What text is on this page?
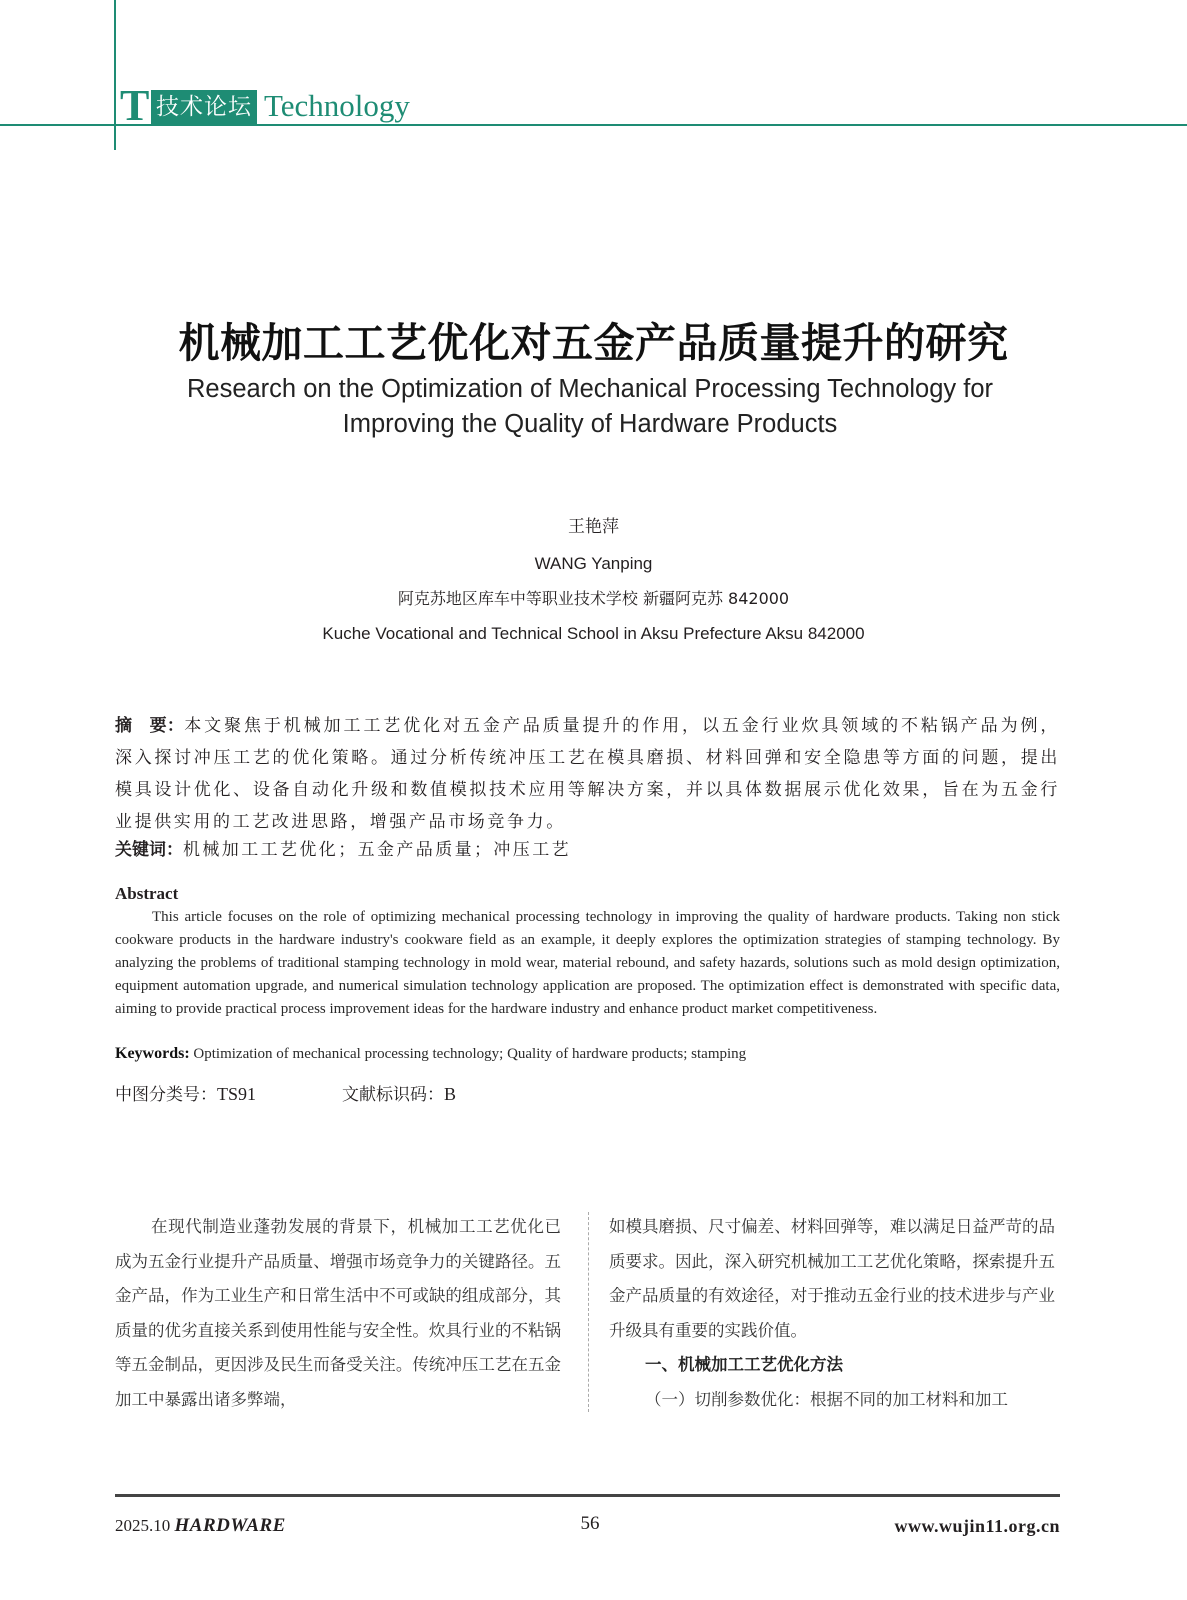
T 技术论坛 Technology
机械加工工艺优化对五金产品质量提升的研究
Research on the Optimization of Mechanical Processing Technology for
Improving the Quality of Hardware Products
王艳萍
WANG Yanping
阿克苏地区库车中等职业技术学校 新疆阿克苏 842000
Kuche Vocational and Technical School in Aksu Prefecture Aksu 842000
摘　要：本文聚焦于机械加工工艺优化对五金产品质量提升的作用，以五金行业炊具领域的不粘锅产品为例，深入探讨冲压工艺的优化策略。通过分析传统冲压工艺在模具磨损、材料回弹和安全隐患等方面的问题，提出模具设计优化、设备自动化升级和数值模拟技术应用等解决方案，并以具体数据展示优化效果，旨在为五金行业提供实用的工艺改进思路，增强产品市场竞争力。
关键词：机械加工工艺优化；五金产品质量；冲压工艺
Abstract
This article focuses on the role of optimizing mechanical processing technology in improving the quality of hardware products. Taking non stick cookware products in the hardware industry's cookware field as an example, it deeply explores the optimization strategies of stamping technology. By analyzing the problems of traditional stamping technology in mold wear, material rebound, and safety hazards, solutions such as mold design optimization, equipment automation upgrade, and numerical simulation technology application are proposed. The optimization effect is demonstrated with specific data, aiming to provide practical process improvement ideas for the hardware industry and enhance product market competitiveness.
Keywords: Optimization of mechanical processing technology; Quality of hardware products; stamping
中图分类号：TS91	文献标识码：B

在现代制造业蓬勃发展的背景下，机械加工工艺优化已成为五金行业提升产品质量、增强市场竞争力的关键路径。五金产品，作为工业生产和日常生活中不可或缺的组成部分，其质量的优劣直接关系到使用性能与安全性。炊具行业的不粘锅等五金制品，更因涉及民生而备受关注。传统冲压工艺在五金加工中暴露出诸多弊端，

如模具磨损、尺寸偏差、材料回弹等，难以满足日益严苛的品质要求。因此，深入研究机械加工工艺优化策略，探索提升五金产品质量的有效途径，对于推动五金行业的技术进步与产业升级具有重要的实践价值。

一、机械加工工艺优化方法

（一）切削参数优化：根据不同的加工材料和加工

2025.10 HARDWARE	56	www.wujin11.org.cn
